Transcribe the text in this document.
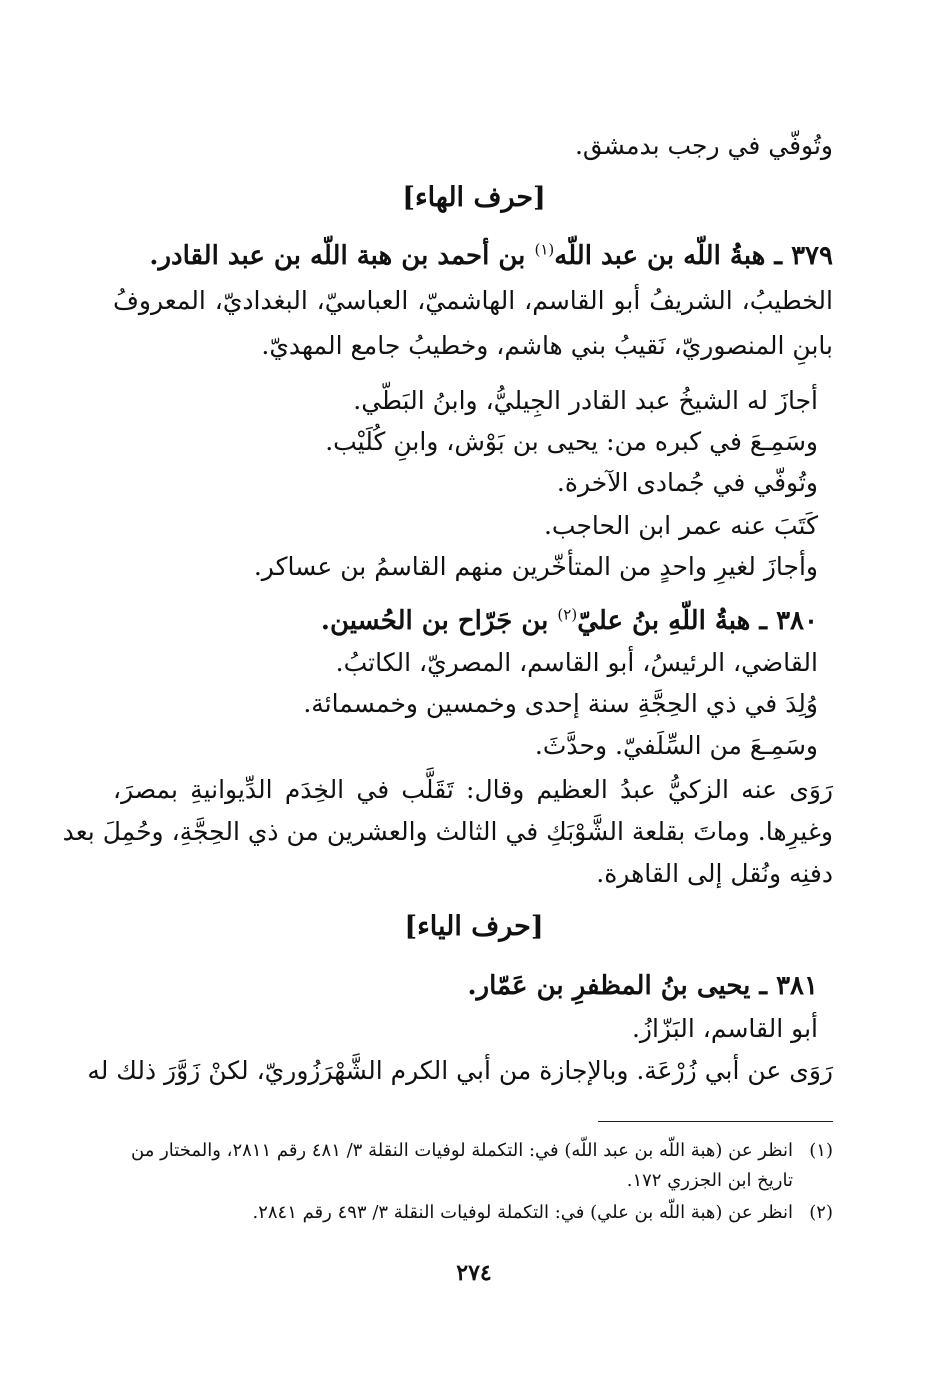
وتُوفّي في رجب بدمشق.
[حرف الهاء]
٣٧٩ ـ هبةُ اللّه بن عبد اللّه$^{(١)}$ بن أحمد بن هبة اللّه بن عبد القادر.
الخطيبُ، الشريفُ أبو القاسم، الهاشميّ، العباسيّ، البغداديّ، المعروفُ
بابنِ المنصوريّ، نَقيبُ بني هاشم، وخطيبُ جامع المهديّ.
أجازَ له الشيخُ عبد القادر الجِيليُّ، وابنُ البَطّي.
وسَمِـعَ في كبره من: يحيى بن بَوْش، وابنِ كُلَيْب.
وتُوفّي في جُمادى الآخرة.
كَتَبَ عنه عمر ابن الحاجب.
وأجازَ لغيرِ واحدٍ من المتأخّرين منهم القاسمُ بن عساكر.
٣٨٠ ـ هبةُ اللّهِ بنُ عليّ$^{(٢)}$ بن جَرّاح بن الحُسين.
القاضي، الرئيسُ، أبو القاسم، المصريّ، الكاتبُ.
وُلِدَ في ذي الحِجَّةِ سنة إحدى وخمسين وخمسمائة.
وسَمِـعَ من السِّلَفيّ. وحدَّثَ.
رَوَى عنه الزكيُّ عبدُ العظيم وقال: تَقَلَّب في الخِدَم الدِّيوانيةِ بمصرَ،
وغيرِها. وماتَ بقلعة الشَّوْبَكِ في الثالث والعشرين من ذي الحِجَّةِ، وحُمِلَ بعد
دفنِه ونُقل إلى القاهرة.
[حرف الياء]
٣٨١ ـ يحيى بنُ المظفرِ بن عَمّار.
أبو القاسم، البَزّازُ.
رَوَى عن أبي زُرْعَة. وبالإجازة من أبي الكرم الشَّهْرَزُوريّ، لكنْ زَوَّرَ ذلك له
(١)انظر عن (هبة اللّه بن عبد اللّه) في: التكملة لوفيات النقلة ٣/ ٤٨١ رقم ٢٨١١، والمختار من
تاريخ ابن الجزري ١٧٢.
(٢)انظر عن (هبة اللّه بن علي) في: التكملة لوفيات النقلة ٣/ ٤٩٣ رقم ٢٨٤١.
٢٧٤
